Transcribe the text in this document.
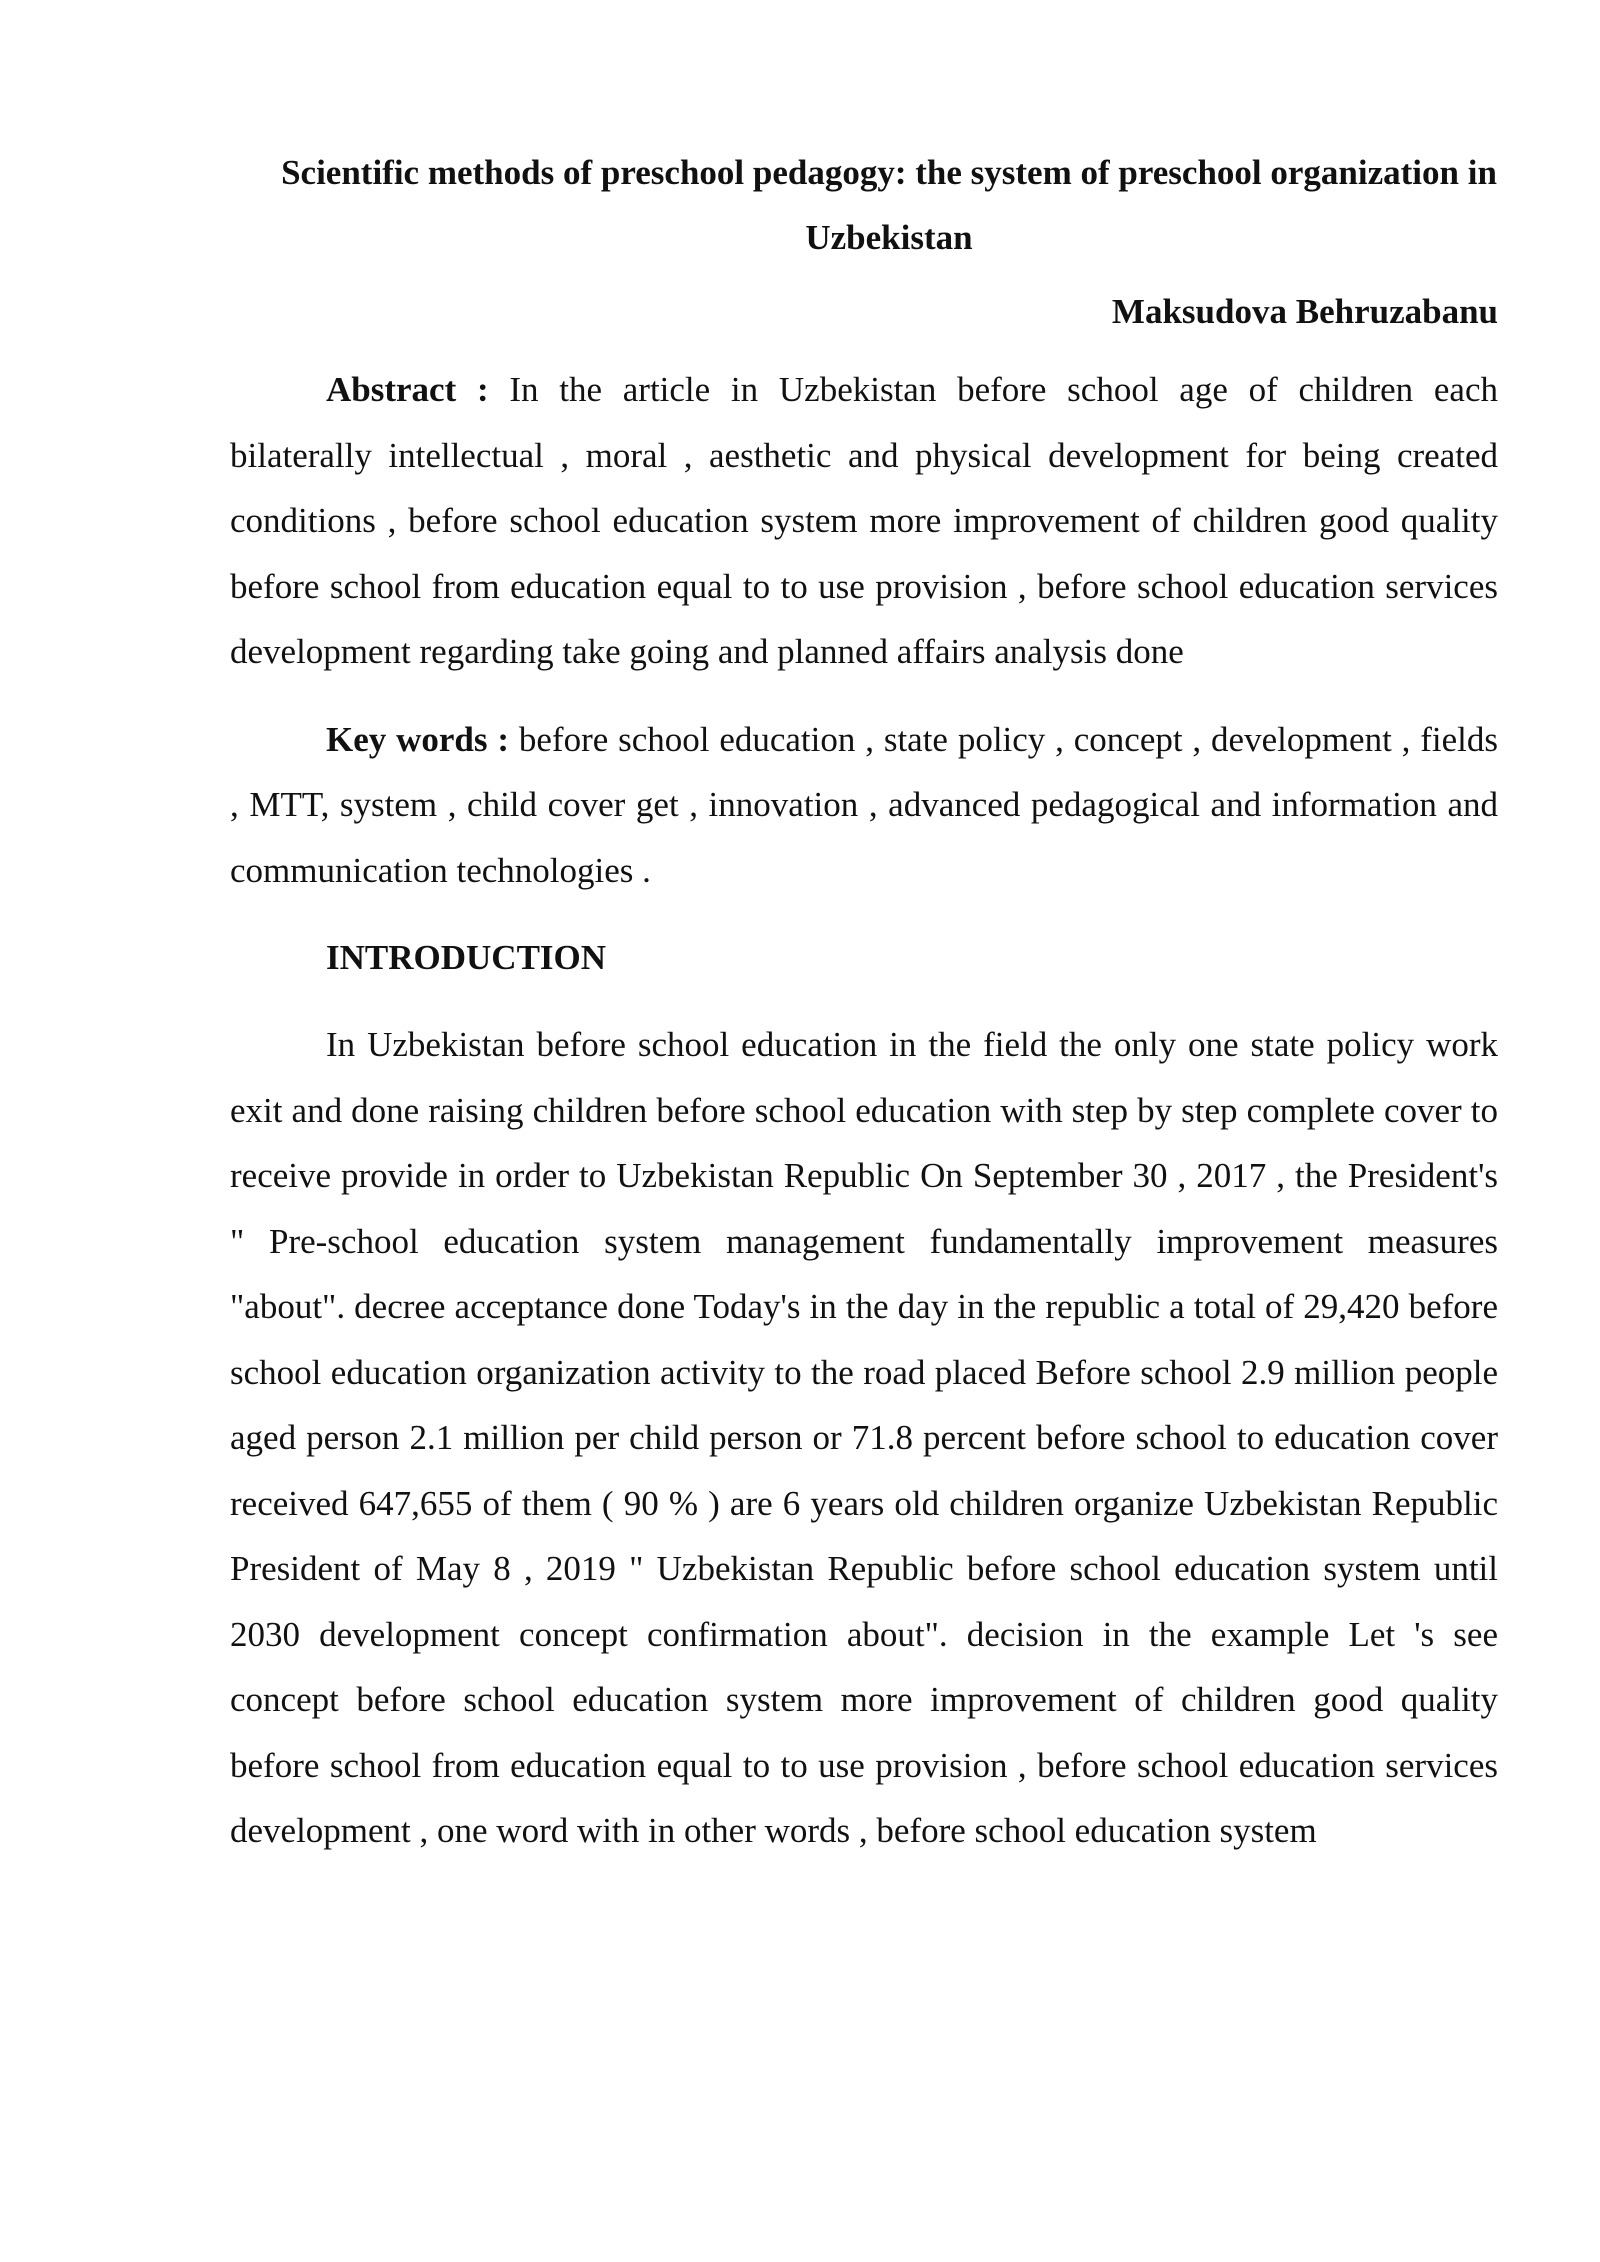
Scientific methods of preschool pedagogy: the system of preschool organization in Uzbekistan
Maksudova Behruzabanu

Abstract : In the article in Uzbekistan before school age of children each bilaterally intellectual , moral , aesthetic and physical development for being created conditions , before school education system more improvement of children good quality before school from education equal to to use provision , before school education services development regarding take going and planned affairs analysis done

Key words : before school education , state policy , concept , development , fields , MTT, system , child cover get , innovation , advanced pedagogical and information and communication technologies .

INTRODUCTION

In Uzbekistan before school education in the field the only one state policy work exit and done raising children before school education with step by step complete cover to receive provide in order to Uzbekistan Republic On September 30 , 2017 , the President's " Pre-school education system management fundamentally improvement measures "about". decree acceptance done Today's in the day in the republic a total of 29,420 before school education organization activity to the road placed Before school 2.9 million people aged person 2.1 million per child person or 71.8 percent before school to education cover received 647,655 of them ( 90 % ) are 6 years old children organize Uzbekistan Republic President of May 8 , 2019 " Uzbekistan Republic before school education system until 2030 development concept confirmation about". decision in the example Let 's see concept before school education system more improvement of children good quality before school from education equal to to use provision , before school education services development , one word with in other words , before school education system
